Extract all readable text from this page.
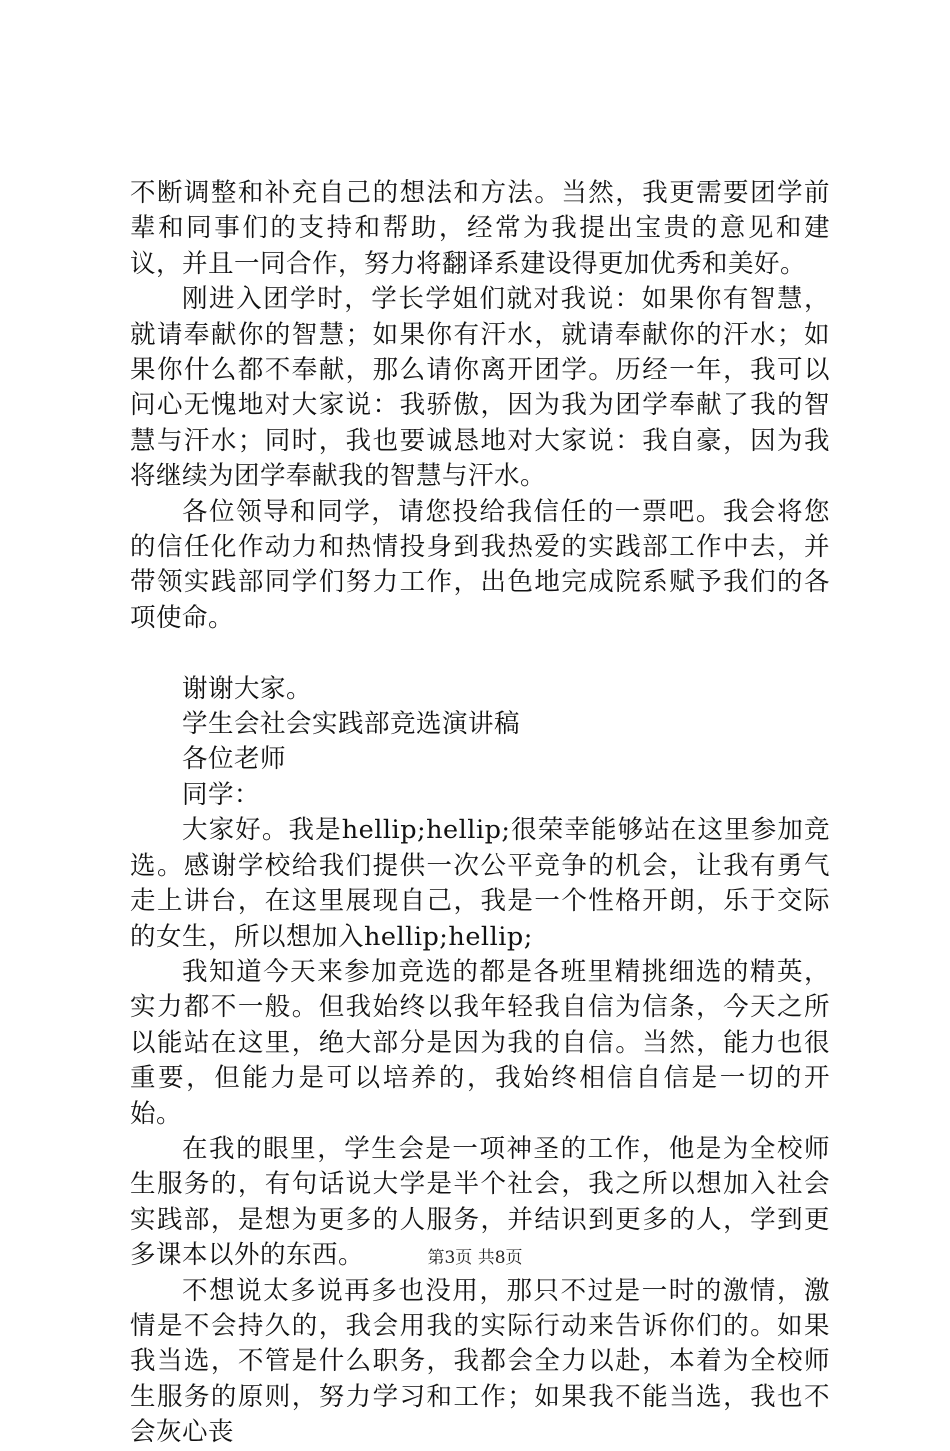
不断调整和补充自己的想法和方法。当然，我更需要团学前辈和同事们的支持和帮助，经常为我提出宝贵的意见和建议，并且一同合作，努力将翻译系建设得更加优秀和美好。

刚进入团学时，学长学姐们就对我说：如果你有智慧，就请奉献你的智慧；如果你有汗水，就请奉献你的汗水；如果你什么都不奉献，那么请你离开团学。历经一年，我可以问心无愧地对大家说：我骄傲，因为我为团学奉献了我的智慧与汗水；同时，我也要诚恳地对大家说：我自豪，因为我将继续为团学奉献我的智慧与汗水。

各位领导和同学，请您投给我信任的一票吧。我会将您的信任化作动力和热情投身到我热爱的实践部工作中去，并带领实践部同学们努力工作，出色地完成院系赋予我们的各项使命。

谢谢大家。

学生会社会实践部竞选演讲稿

各位老师

同学：

大家好。我是hellip;hellip;很荣幸能够站在这里参加竞选。感谢学校给我们提供一次公平竞争的机会，让我有勇气走上讲台，在这里展现自己，我是一个性格开朗，乐于交际的女生，所以想加入hellip;hellip;

我知道今天来参加竞选的都是各班里精挑细选的精英，实力都不一般。但我始终以我年轻我自信为信条，今天之所以能站在这里，绝大部分是因为我的自信。当然，能力也很重要，但能力是可以培养的，我始终相信自信是一切的开始。

在我的眼里，学生会是一项神圣的工作，他是为全校师生服务的，有句话说大学是半个社会，我之所以想加入社会实践部，是想为更多的人服务，并结识到更多的人，学到更多课本以外的东西。

不想说太多说再多也没用，那只不过是一时的激情，激情是不会持久的，我会用我的实际行动来告诉你们的。如果我当选，不管是什么职务，我都会全力以赴，本着为全校师生服务的原则，努力学习和工作；如果我不能当选，我也不会灰心丧

第3页 共8页
